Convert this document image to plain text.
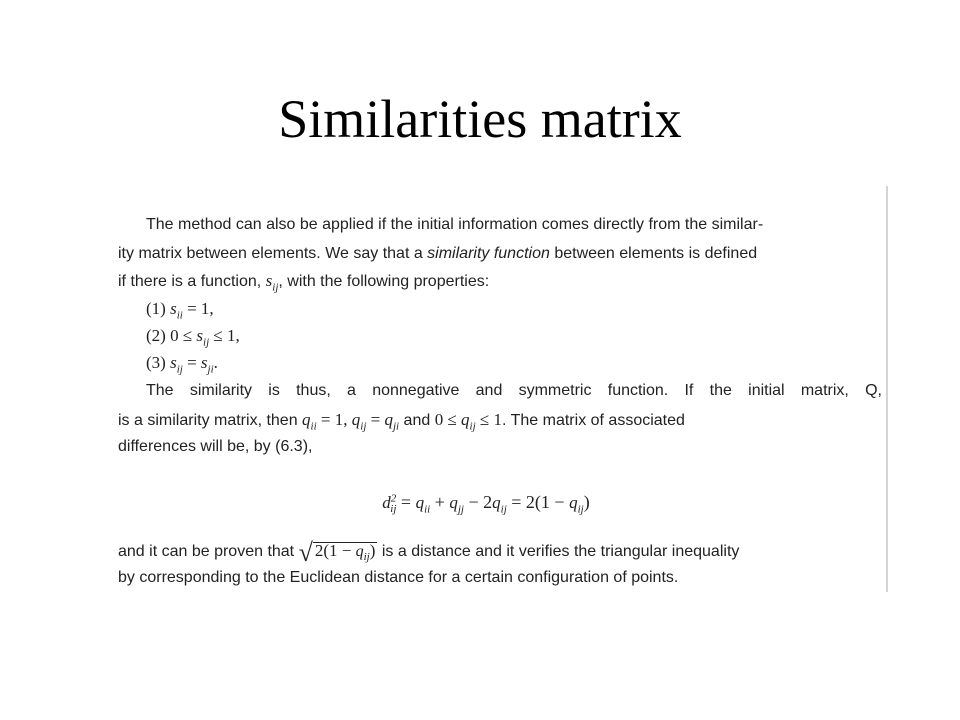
Similarities matrix

The method can also be applied if the initial information comes directly from the similar-

ity matrix between elements. We say that a similarity function between elements is defined

if there is a function, $s_{ij}$, with the following properties:

(1) $s_{ii} = 1$,

(2) $0 \le s_{ij} \le 1$,

(3) $s_{ij} = s_{ji}$.

The similarity is thus, a nonnegative and symmetric function. If the initial matrix, Q,

is a similarity matrix, then $q_{ii} = 1$, $q_{ij} = q_{ji}$ and $0 \le q_{ij} \le 1$. The matrix of associated

differences will be, by (6.3),

$d^2_{ij} = q_{ii} + q_{jj} - 2q_{ij} = 2(1 - q_{ij})$

and it can be proven that √ $2(1 - q_{ij})$ is a distance and it verifies the triangular inequality

by corresponding to the Euclidean distance for a certain configuration of points.
